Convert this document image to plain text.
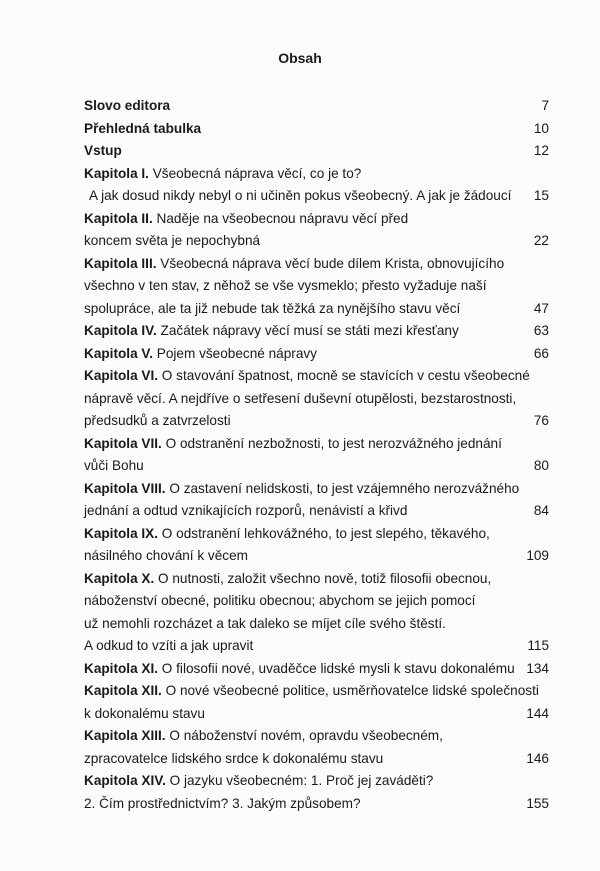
Obsah
Slovo editora	7
Přehledná tabulka	10
Vstup	12
Kapitola I. Všeobecná náprava věcí, co je to?
A jak dosud nikdy nebyl o ni učiněn pokus všeobecný. A jak je žádoucí 15
Kapitola II. Naděje na všeobecnou nápravu věcí před
koncem světa je nepochybná	22
Kapitola III. Všeobecná náprava věcí bude dílem Krista, obnovujícího
všechno v ten stav, z něhož se vše vysmeklo; přesto vyžaduje naší
spolupráce, ale ta již nebude tak těžká za nynějšího stavu věcí	47
Kapitola IV. Začátek nápravy věcí musí se státi mezi křesťany	63
Kapitola V. Pojem všeobecné nápravy	66
Kapitola VI. O stavování špatnost, mocně se stavících v cestu všeobecné
nápravě věcí. A nejdříve o setřesení duševní otupělosti, bezstarostnosti,
předsudků a zatvrzelosti	76
Kapitola VII. O odstranění nezbožnosti, to jest nerozvážného jednání
vůči Bohu	80
Kapitola VIII. O zastavení nelidskosti, to jest vzájemného nerozvážného
jednání a odtud vznikajících rozporů, nenávistí a křivd	84
Kapitola IX. O odstranění lehkovážného, to jest slepého, těkavého,
násilného chování k věcem	109
Kapitola X. O nutnosti, založit všechno nově, totiž filosofii obecnou,
náboženství obecné, politiku obecnou; abychom se jejich pomocí
už nemohli rozcházet a tak daleko se míjet cíle svého štěstí.
A odkud to vzíti a jak upravit	115
Kapitola XI. O filosofii nové, uvaděčce lidské mysli k stavu dokonalému 134
Kapitola XII. O nové všeobecné politice, usměrňovatelce lidské společnosti
k dokonalému stavu	144
Kapitola XIII. O náboženství novém, opravdu všeobecném,
zpracovatelce lidského srdce k dokonalému stavu	146
Kapitola XIV. O jazyku všeobecném: 1. Proč jej zaváděti?
2. Čím prostřednictvím? 3. Jakým způsobem?	155
